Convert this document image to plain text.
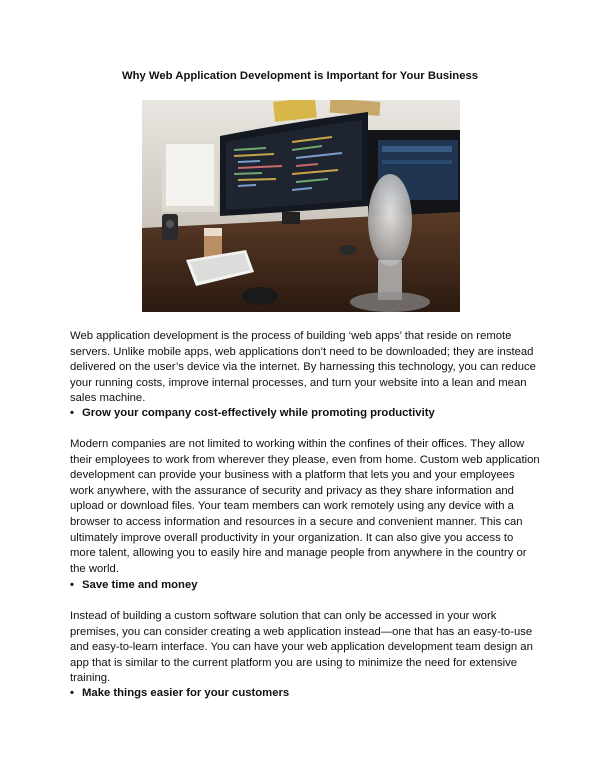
Why Web Application Development is Important for Your Business

Web application development is the process of building ‘web apps’ that reside on remote servers. Unlike mobile apps, web applications don’t need to be downloaded; they are instead delivered on the user’s device via the internet. By harnessing this technology, you can reduce your running costs, improve internal processes, and turn your website into a lean and mean sales machine.

• Grow your company cost-effectively while promoting productivity

Modern companies are not limited to working within the confines of their offices. They allow their employees to work from wherever they please, even from home. Custom web application development can provide your business with a platform that lets you and your employees work anywhere, with the assurance of security and privacy as they share information and upload or download files. Your team members can work remotely using any device with a browser to access information and resources in a secure and convenient manner. This can ultimately improve overall productivity in your organization. It can also give you access to more talent, allowing you to easily hire and manage people from anywhere in the country or the world.

• Save time and money

Instead of building a custom software solution that can only be accessed in your work premises, you can consider creating a web application instead—one that has an easy-to-use and easy-to-learn interface. You can have your web application development team design an app that is similar to the current platform you are using to minimize the need for extensive training.

• Make things easier for your customers
